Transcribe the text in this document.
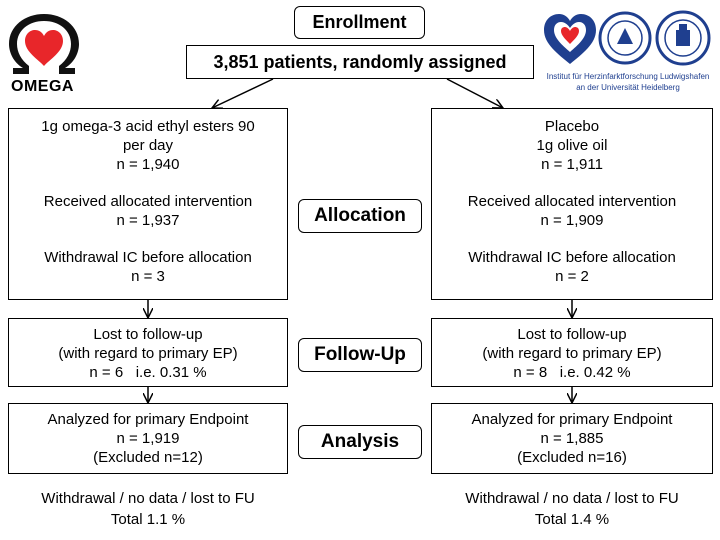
OMEGA
Institut für Herzinfarktforschung Ludwigshafen
an der Universität Heidelberg
Enrollment
3,851 patients, randomly assigned
1g omega-3 acid ethyl esters 90
per day
n = 1,940
Received allocated intervention
n = 1,937
Withdrawal IC before allocation
n = 3
Lost to follow-up
(with regard to primary EP)
n = 6   i.e. 0.31 %
Analyzed for primary Endpoint
n = 1,919
(Excluded n=12)
Withdrawal / no data / lost to FU
Total 1.1 %
Allocation
Follow-Up
Analysis
Placebo
1g olive oil
n = 1,911
Received allocated intervention
n = 1,909
Withdrawal IC before allocation
n = 2
Lost to follow-up
(with regard to primary EP)
n = 8   i.e. 0.42 %
Analyzed for primary Endpoint
n = 1,885
(Excluded n=16)
Withdrawal / no data / lost to FU
Total 1.4 %
